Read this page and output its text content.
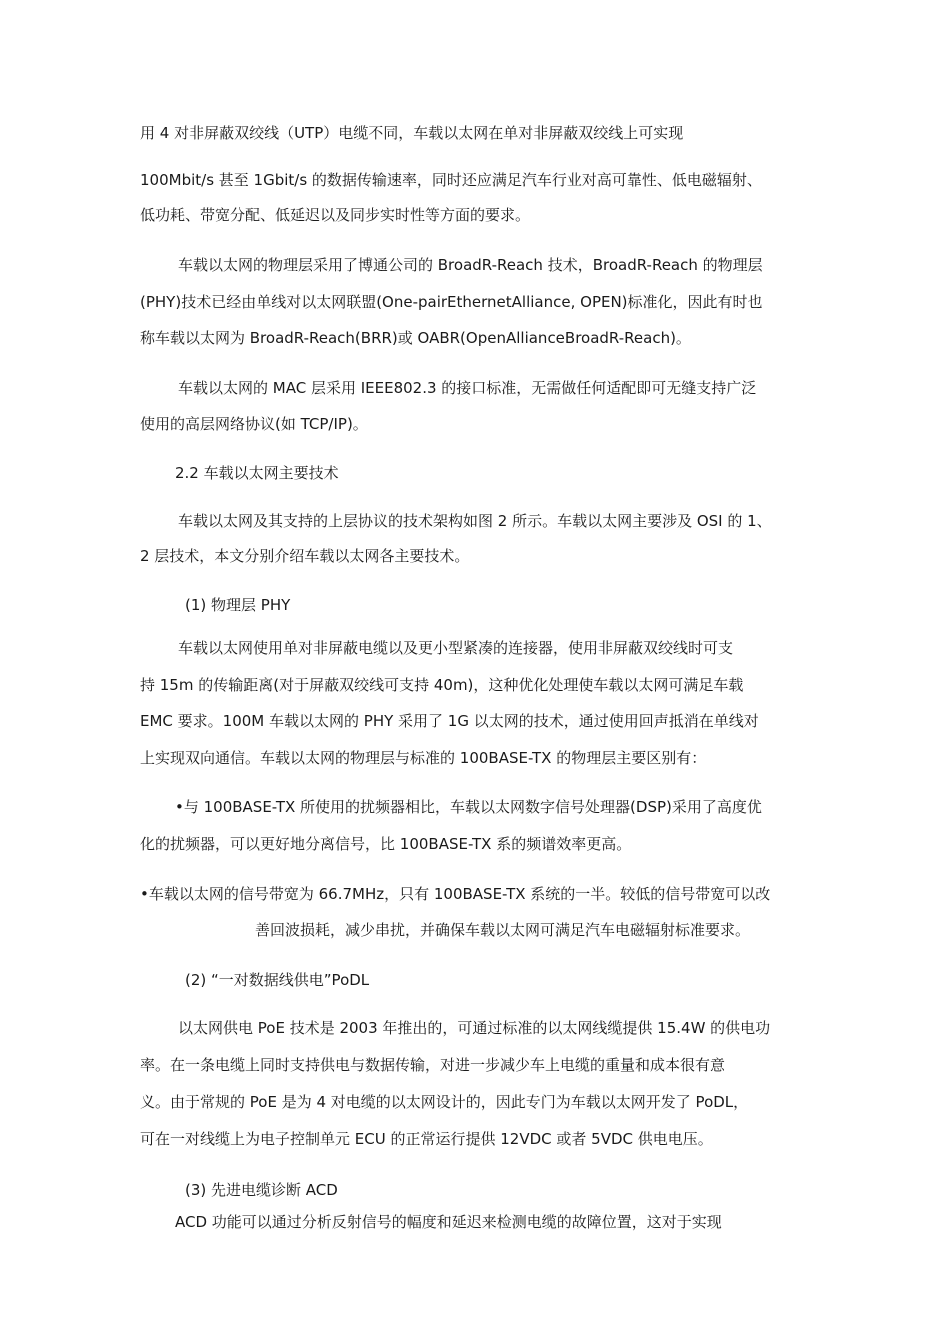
用 4 对非屏蔽双绞线（UTP）电缆不同，车载以太网在单对非屏蔽双绞线上可实现
100Mbit/s 甚至 1Gbit/s 的数据传输速率，同时还应满足汽车行业对高可靠性、低电磁辐射、
低功耗、带宽分配、低延迟以及同步实时性等方面的要求。
车载以太网的物理层采用了博通公司的 BroadR-Reach 技术，BroadR-Reach 的物理层
(PHY)技术已经由单线对以太网联盟(One-pairEthernetAlliance, OPEN)标准化，因此有时也
称车载以太网为 BroadR-Reach(BRR)或 OABR(OpenAllianceBroadR-Reach)。
车载以太网的 MAC 层采用 IEEE802.3 的接口标准，无需做任何适配即可无缝支持广泛
使用的高层网络协议(如 TCP/IP)。
2.2 车载以太网主要技术
车载以太网及其支持的上层协议的技术架构如图 2 所示。车载以太网主要涉及 OSI 的 1、
2 层技术，本文分别介绍车载以太网各主要技术。
(1) 物理层 PHY
车载以太网使用单对非屏蔽电缆以及更小型紧凑的连接器，使用非屏蔽双绞线时可支
持 15m 的传输距离(对于屏蔽双绞线可支持 40m)，这种优化处理使车载以太网可满足车载
EMC 要求。100M 车载以太网的 PHY 采用了 1G 以太网的技术，通过使用回声抵消在单线对
上实现双向通信。车载以太网的物理层与标准的 100BASE-TX 的物理层主要区别有：
•与 100BASE-TX 所使用的扰频器相比，车载以太网数字信号处理器(DSP)采用了高度优
化的扰频器，可以更好地分离信号，比 100BASE-TX 系的频谱效率更高。
•车载以太网的信号带宽为 66.7MHz，只有 100BASE-TX 系统的一半。较低的信号带宽可以改
善回波损耗，减少串扰，并确保车载以太网可满足汽车电磁辐射标准要求。
(2) “一对数据线供电”PoDL
以太网供电 PoE 技术是 2003 年推出的，可通过标准的以太网线缆提供 15.4W 的供电功
率。在一条电缆上同时支持供电与数据传输，对进一步减少车上电缆的重量和成本很有意
义。由于常规的 PoE 是为 4 对电缆的以太网设计的，因此专门为车载以太网开发了 PoDL，
可在一对线缆上为电子控制单元 ECU 的正常运行提供 12VDC 或者 5VDC 供电电压。
(3) 先进电缆诊断 ACD
ACD 功能可以通过分析反射信号的幅度和延迟来检测电缆的故障位置，这对于实现
